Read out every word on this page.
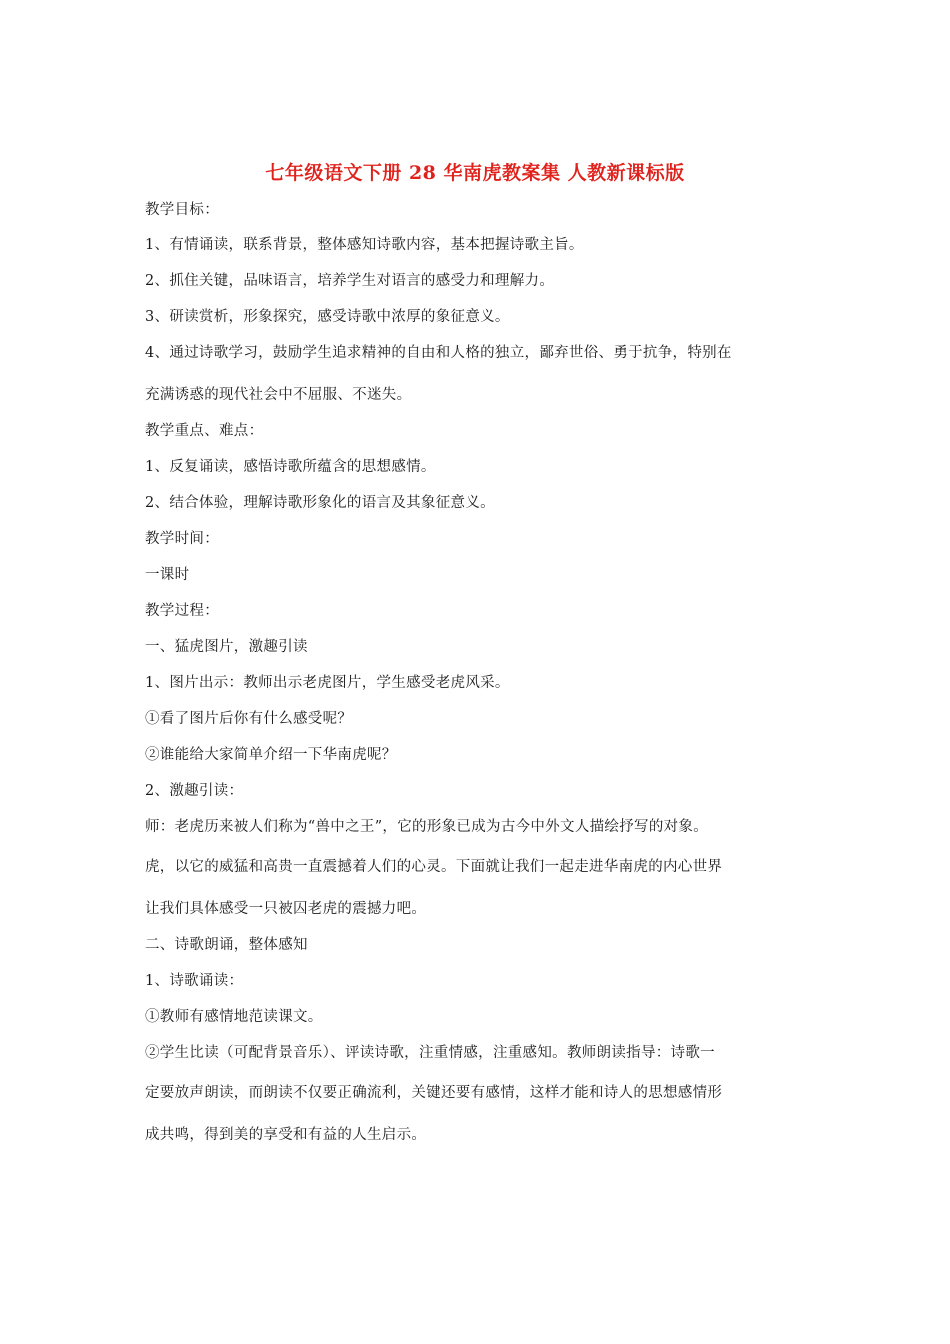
七年级语文下册 28 华南虎教案集 人教新课标版
教学目标：
1、有情诵读，联系背景，整体感知诗歌内容，基本把握诗歌主旨。
2、抓住关键，品味语言，培养学生对语言的感受力和理解力。
3、研读赏析，形象探究，感受诗歌中浓厚的象征意义。
4、通过诗歌学习，鼓励学生追求精神的自由和人格的独立，鄙弃世俗、勇于抗争，特别在
充满诱惑的现代社会中不屈服、不迷失。
教学重点、难点：
1、反复诵读，感悟诗歌所蕴含的思想感情。
2、结合体验，理解诗歌形象化的语言及其象征意义。
教学时间：
一课时
教学过程：
一、猛虎图片，激趣引读
1、图片出示：教师出示老虎图片，学生感受老虎风采。
①看了图片后你有什么感受呢？
②谁能给大家简单介绍一下华南虎呢？
2、激趣引读：
师：老虎历来被人们称为“兽中之王”，它的形象已成为古今中外文人描绘抒写的对象。
虎，以它的威猛和高贵一直震撼着人们的心灵。下面就让我们一起走进华南虎的内心世界
让我们具体感受一只被囚老虎的震撼力吧。
二、诗歌朗诵，整体感知
1、诗歌诵读：
①教师有感情地范读课文。
②学生比读（可配背景音乐）、评读诗歌，注重情感，注重感知。教师朗读指导：诗歌一
定要放声朗读，而朗读不仅要正确流利，关键还要有感情，这样才能和诗人的思想感情形
成共鸣，得到美的享受和有益的人生启示。
